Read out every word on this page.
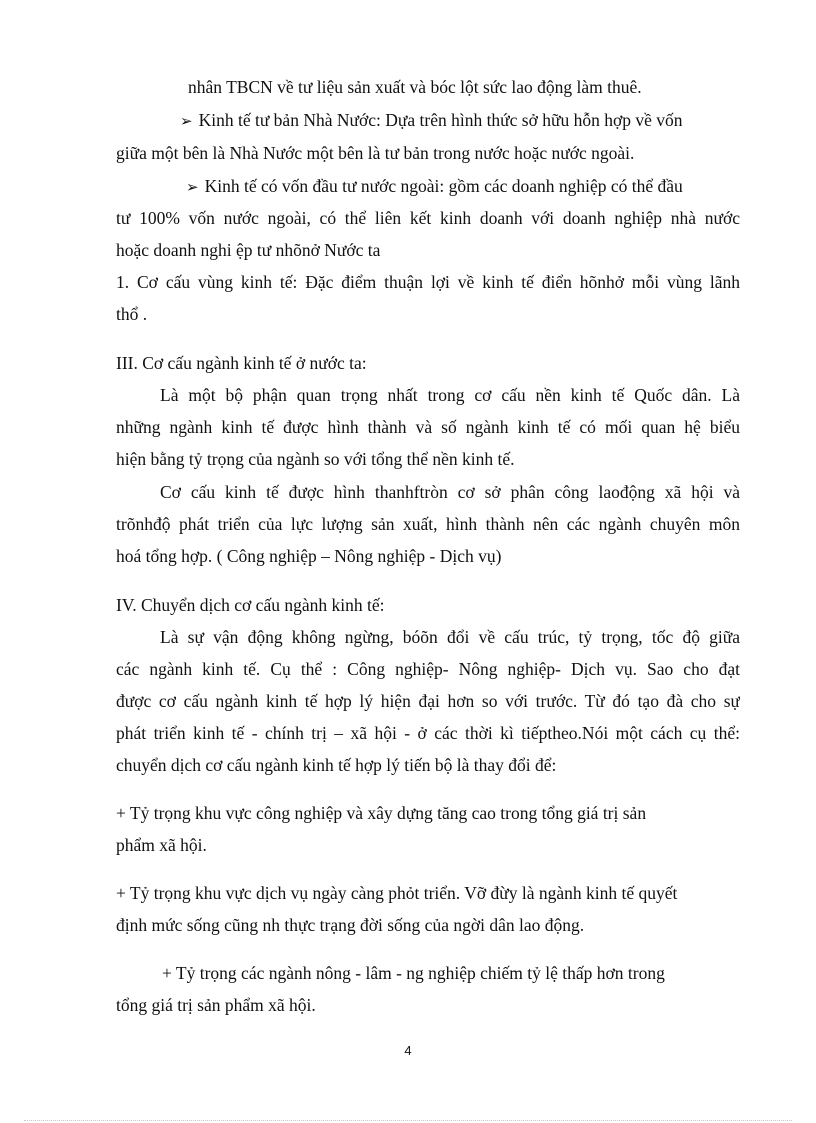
nhân TBCN về tư liệu sản xuất và bóc lột sức lao động làm thuê.
➢ Kinh tế tư bản Nhà Nước: Dựa trên hình thức sở hữu hỗn hợp về vốn
giữa một bên là Nhà Nước một bên là tư bản trong nước hoặc nước ngoài.
➢ Kinh tế có vốn đầu tư nước ngoài: gồm các doanh nghiệp có thể đầu
tư 100% vốn nước ngoài, có thể liên kết kinh doanh với doanh nghiệp nhà nước
hoặc doanh nghi ệp tư nhõnở Nước ta
1. Cơ cấu vùng kinh tế: Đặc điểm thuận lợi về kinh tế điển hõnhở mỗi vùng lãnh
thổ .
III. Cơ cấu ngành kinh tế ở nước ta:
Là một bộ phận quan trọng nhất trong cơ cấu nền kinh tế Quốc dân. Là
những ngành kinh tế được hình thành và số ngành kinh tế có mối quan hệ biểu
hiện bằng tỷ trọng của ngành so với tổng thể nền kinh tế.
Cơ cấu kinh tế được hình thanhftròn cơ sở phân công laođộng xã hội và
trõnhđộ phát triển của lực lượng sản xuất, hình thành nên các ngành chuyên môn
hoá tổng hợp. ( Công nghiệp – Nông nghiệp - Dịch vụ)
IV. Chuyển dịch cơ cấu ngành kinh tế:
Là sự vận động không ngừng, bóõn đổi về cấu trúc, tỷ trọng, tốc độ giữa
các ngành kinh tế. Cụ thể : Công nghiệp- Nông nghiệp- Dịch vụ. Sao cho đạt
được cơ cấu ngành kinh tế hợp lý hiện đại hơn so với trước. Từ đó tạo đà cho sự
phát triển kinh tế - chính trị – xã hội - ở các thời kì tiếptheo.Nói một cách cụ thể:
chuyển dịch cơ cấu ngành kinh tế hợp lý tiến bộ là thay đổi để:
+ Tỷ trọng khu vực công nghiệp và xây dựng tăng cao trong tổng giá trị sản
phẩm xã hội.
+ Tỷ trọng khu vực dịch vụ ngày càng phỏt triển. Vỡ đừy là ngành kinh tế quyết
định mức sống cũng nh thực trạng đời sống của ngời dân lao động.
+ Tỷ trọng các ngành nông - lâm - ng nghiệp chiếm tỷ lệ thấp hơn trong
tổng giá trị sản phẩm xã hội.
4
